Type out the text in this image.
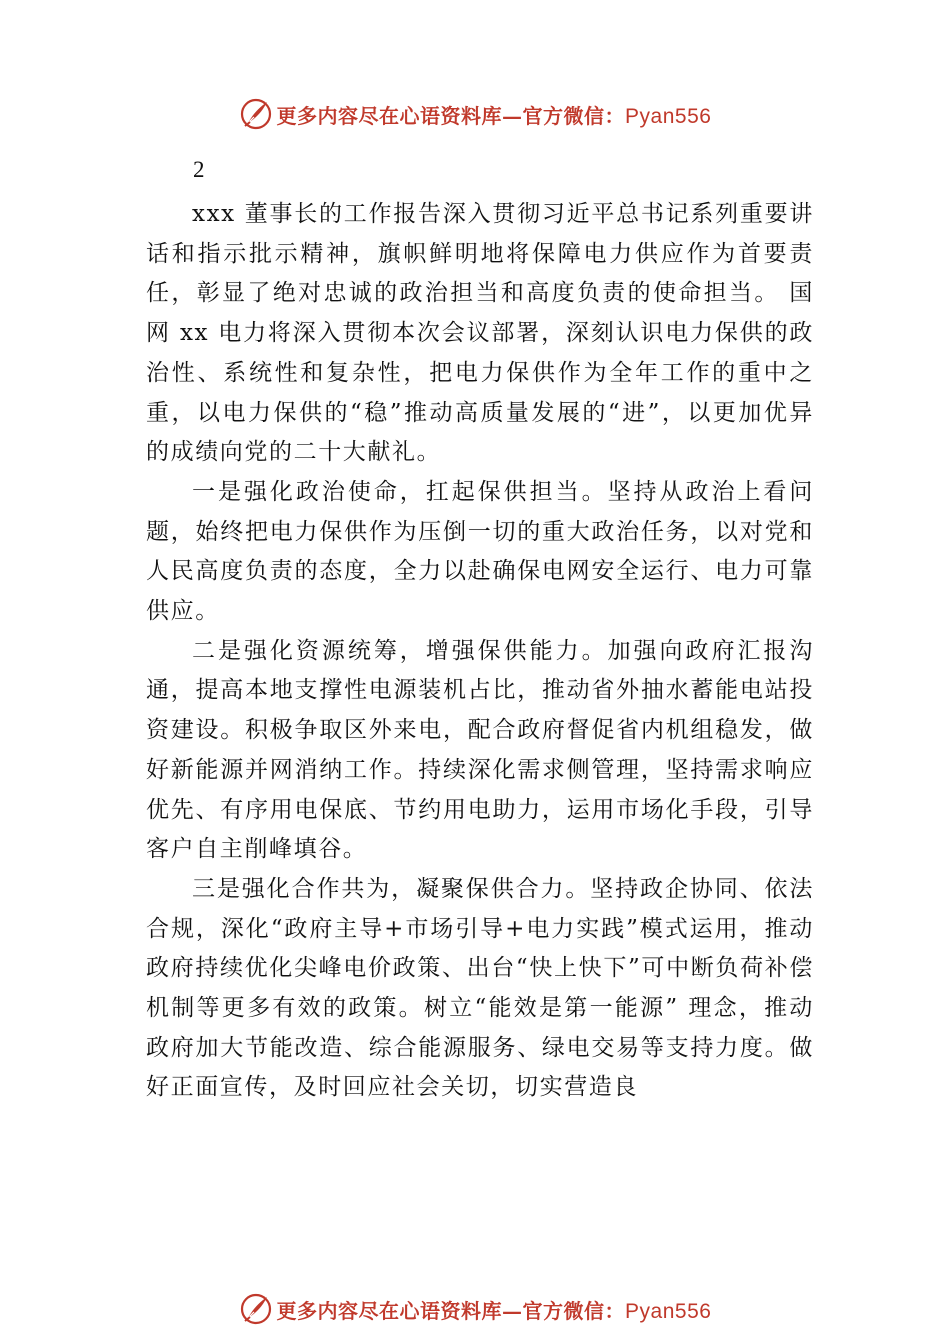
更多内容尽在心语资料库—官方微信：Pyan556
2

xxx 董事长的工作报告深入贯彻习近平总书记系列重要讲话和指示批示精神，旗帜鲜明地将保障电力供应作为首要责任，彰显了绝对忠诚的政治担当和高度负责的使命担当。 国网 xx 电力将深入贯彻本次会议部署，深刻认识电力保供的政治性、系统性和复杂性，把电力保供作为全年工作的重中之重，以电力保供的“稳”推动高质量发展的“进”，以更加优异的成绩向党的二十大献礼。

一是强化政治使命，扛起保供担当。坚持从政治上看问题，始终把电力保供作为压倒一切的重大政治任务，以对党和人民高度负责的态度，全力以赴确保电网安全运行、电力可靠供应。

二是强化资源统筹，增强保供能力。加强向政府汇报沟通，提高本地支撑性电源装机占比，推动省外抽水蓄能电站投资建设。积极争取区外来电，配合政府督促省内机组稳发，做好新能源并网消纳工作。持续深化需求侧管理，坚持需求响应优先、有序用电保底、节约用电助力，运用市场化手段，引导客户自主削峰填谷。

三是强化合作共为，凝聚保供合力。坚持政企协同、依法合规，深化“政府主导+市场引导+电力实践”模式运用，推动政府持续优化尖峰电价政策、出台“快上快下”可中断负荷补偿机制等更多有效的政策。树立“能效是第一能源” 理念，推动政府加大节能改造、综合能源服务、绿电交易等支持力度。做好正面宣传，及时回应社会关切，切实营造良

更多内容尽在心语资料库—官方微信：Pyan556
